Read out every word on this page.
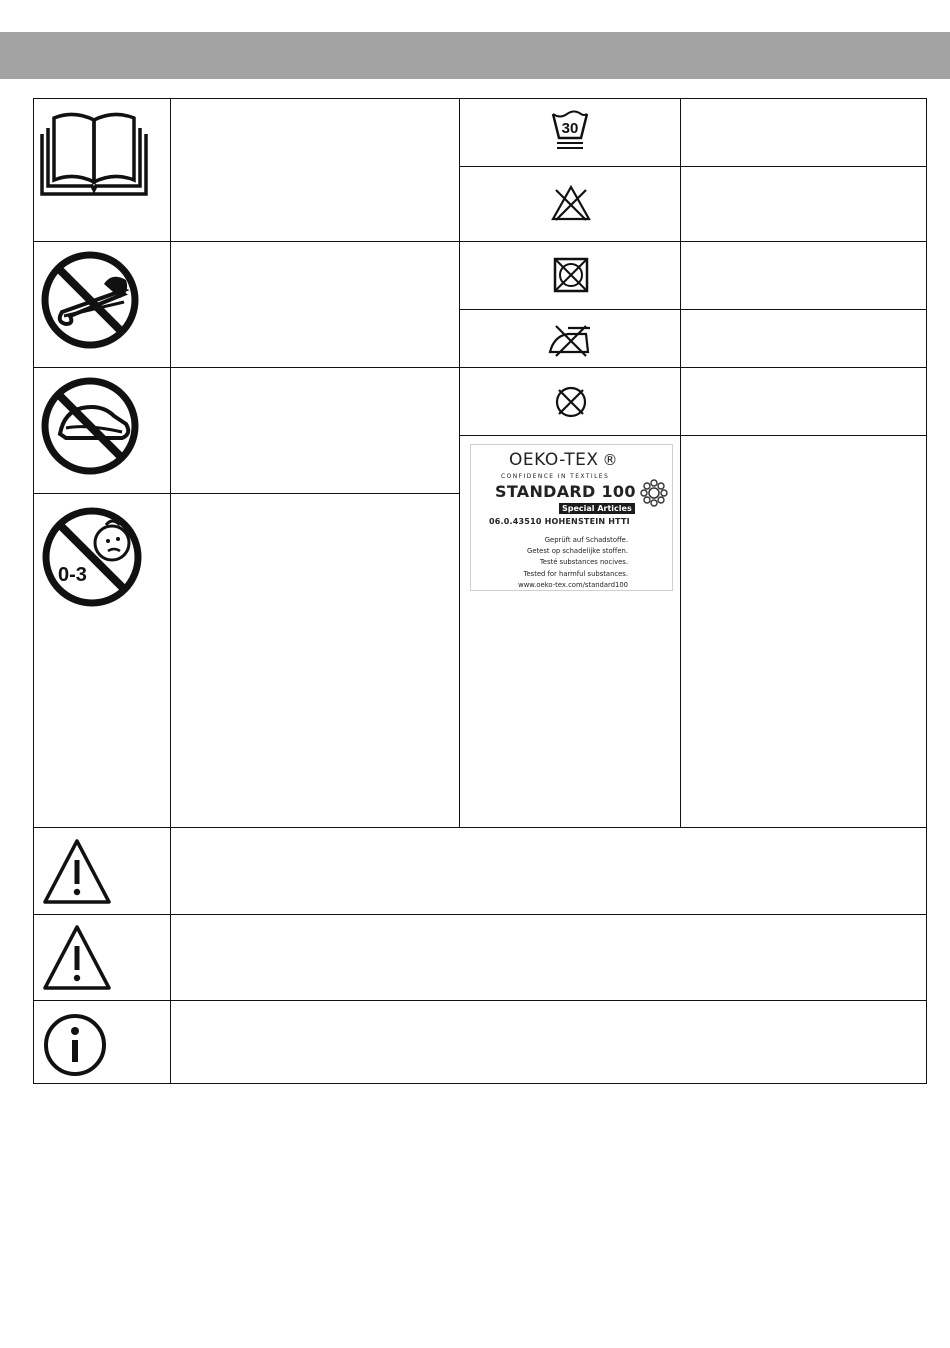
0-3
30
OEKO-TEX ®
CONFIDENCE IN TEXTILES
STANDARD 100
Special Articles
06.0.43510 HOHENSTEIN HTTI
Geprüft auf Schadstoffe.
Getest op schadelijke stoffen.
Testé substances nocives.
Tested for harmful substances.
www.oeko-tex.com/standard100
